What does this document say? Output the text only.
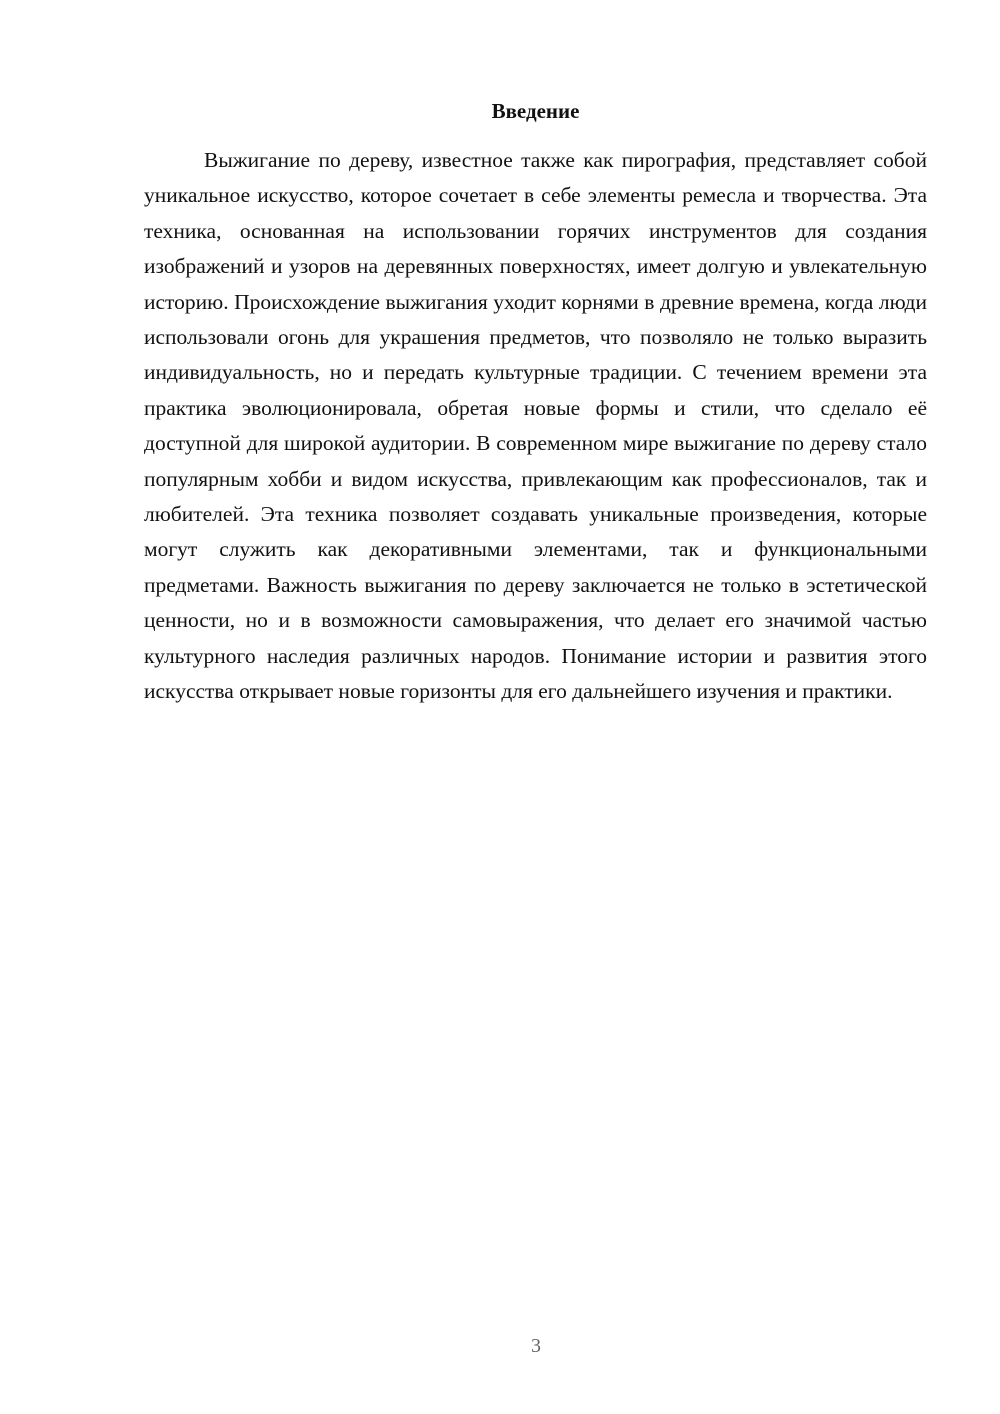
Введение

Выжигание по дереву, известное также как пирография, представляет собой уникальное искусство, которое сочетает в себе элементы ремесла и творчества. Эта техника, основанная на использовании горячих инструментов для создания изображений и узоров на деревянных поверхностях, имеет долгую и увлекательную историю. Происхождение выжигания уходит корнями в древние времена, когда люди использовали огонь для украшения предметов, что позволяло не только выразить индивидуальность, но и передать культурные традиции. С течением времени эта практика эволюционировала, обретая новые формы и стили, что сделало её доступной для широкой аудитории. В современном мире выжигание по дереву стало популярным хобби и видом искусства, привлекающим как профессионалов, так и любителей. Эта техника позволяет создавать уникальные произведения, которые могут служить как декоративными элементами, так и функциональными предметами. Важность выжигания по дереву заключается не только в эстетической ценности, но и в возможности самовыражения, что делает его значимой частью культурного наследия различных народов. Понимание истории и развития этого искусства открывает новые горизонты для его дальнейшего изучения и практики.

3
